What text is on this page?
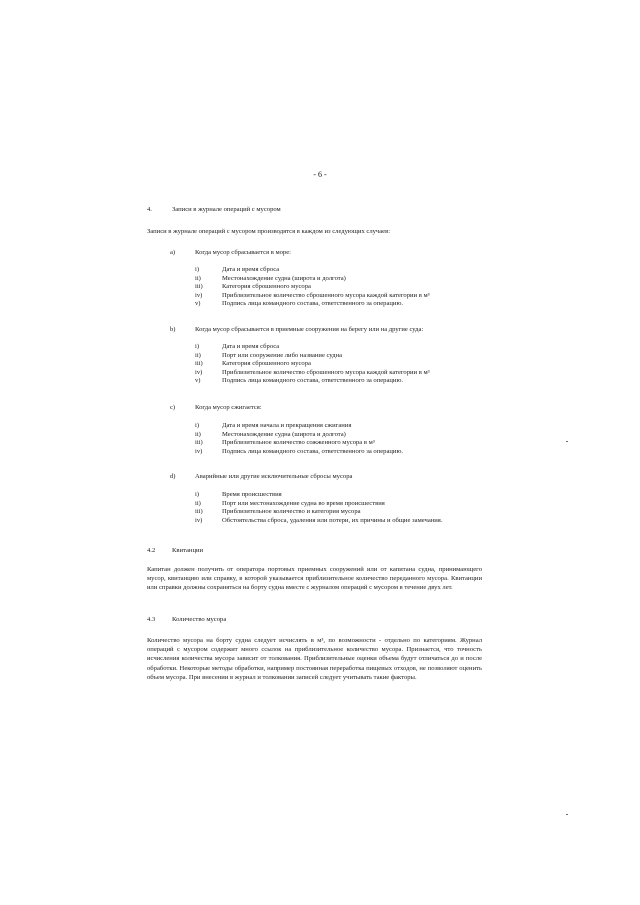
- 6 -
4.	Записи в журнале операций с мусором
Записи в журнале операций с мусором производятся в каждом из следующих случаев:
a)	Когда мусор сбрасывается в море:
i)	Дата и время сброса
ii)	Местонахождение судна (широта и долгота)
iii)	Категория сброшенного мусора
iv)	Приблизительное количество сброшенного мусора каждой категории в м³
v)	Подпись лица командного состава, ответственного за операцию.
b)	Когда мусор сбрасывается в приемные сооружения на берегу или на другие суда:
i)	Дата и время сброса
ii)	Порт или сооружение либо название судна
iii)	Категория сброшенного мусора
iv)	Приблизительное количество сброшенного мусора каждой категории в м³
v)	Подпись лица командного состава, ответственного за операцию.
c)	Когда мусор сжигается:
i)	Дата и время начала и прекращения сжигания
ii)	Местонахождение судна (широта и долгота)
iii)	Приблизительное количество сожженного мусора в м³
iv)	Подпись лица командного состава, ответственного за операцию.
d)	Аварийные или другие исключительные сбросы мусора
i)	Время происшествия
ii)	Порт или местонахождение судна во время происшествия
iii)	Приблизительное количество и категория мусора
iv)	Обстоятельства сброса, удаления или потери, их причины и общие замечания.
4.2	Квитанции
Капитан должен получить от оператора портовых приемных сооружений или от капитана судна, принимающего мусор, квитанцию или справку, в которой указывается приблизительное количество переданного мусора. Квитанции или справки должны сохраняться на борту судна вместе с журналом операций с мусором в течение двух лет.
4.3	Количество мусора
Количество мусора на борту судна следует исчислять в м³, по возможности - отдельно по категориям. Журнал операций с мусором содержит много ссылок на приблизительное количество мусора. Признается, что точность исчисления количества мусора зависит от толкования. Приблизительные оценки объема будут отличаться до и после обработки. Некоторые методы обработки, например постоянная переработка пищевых отходов, не позволяют оценить объем мусора. При внесении в журнал и толковании записей следует учитывать такие факторы.
